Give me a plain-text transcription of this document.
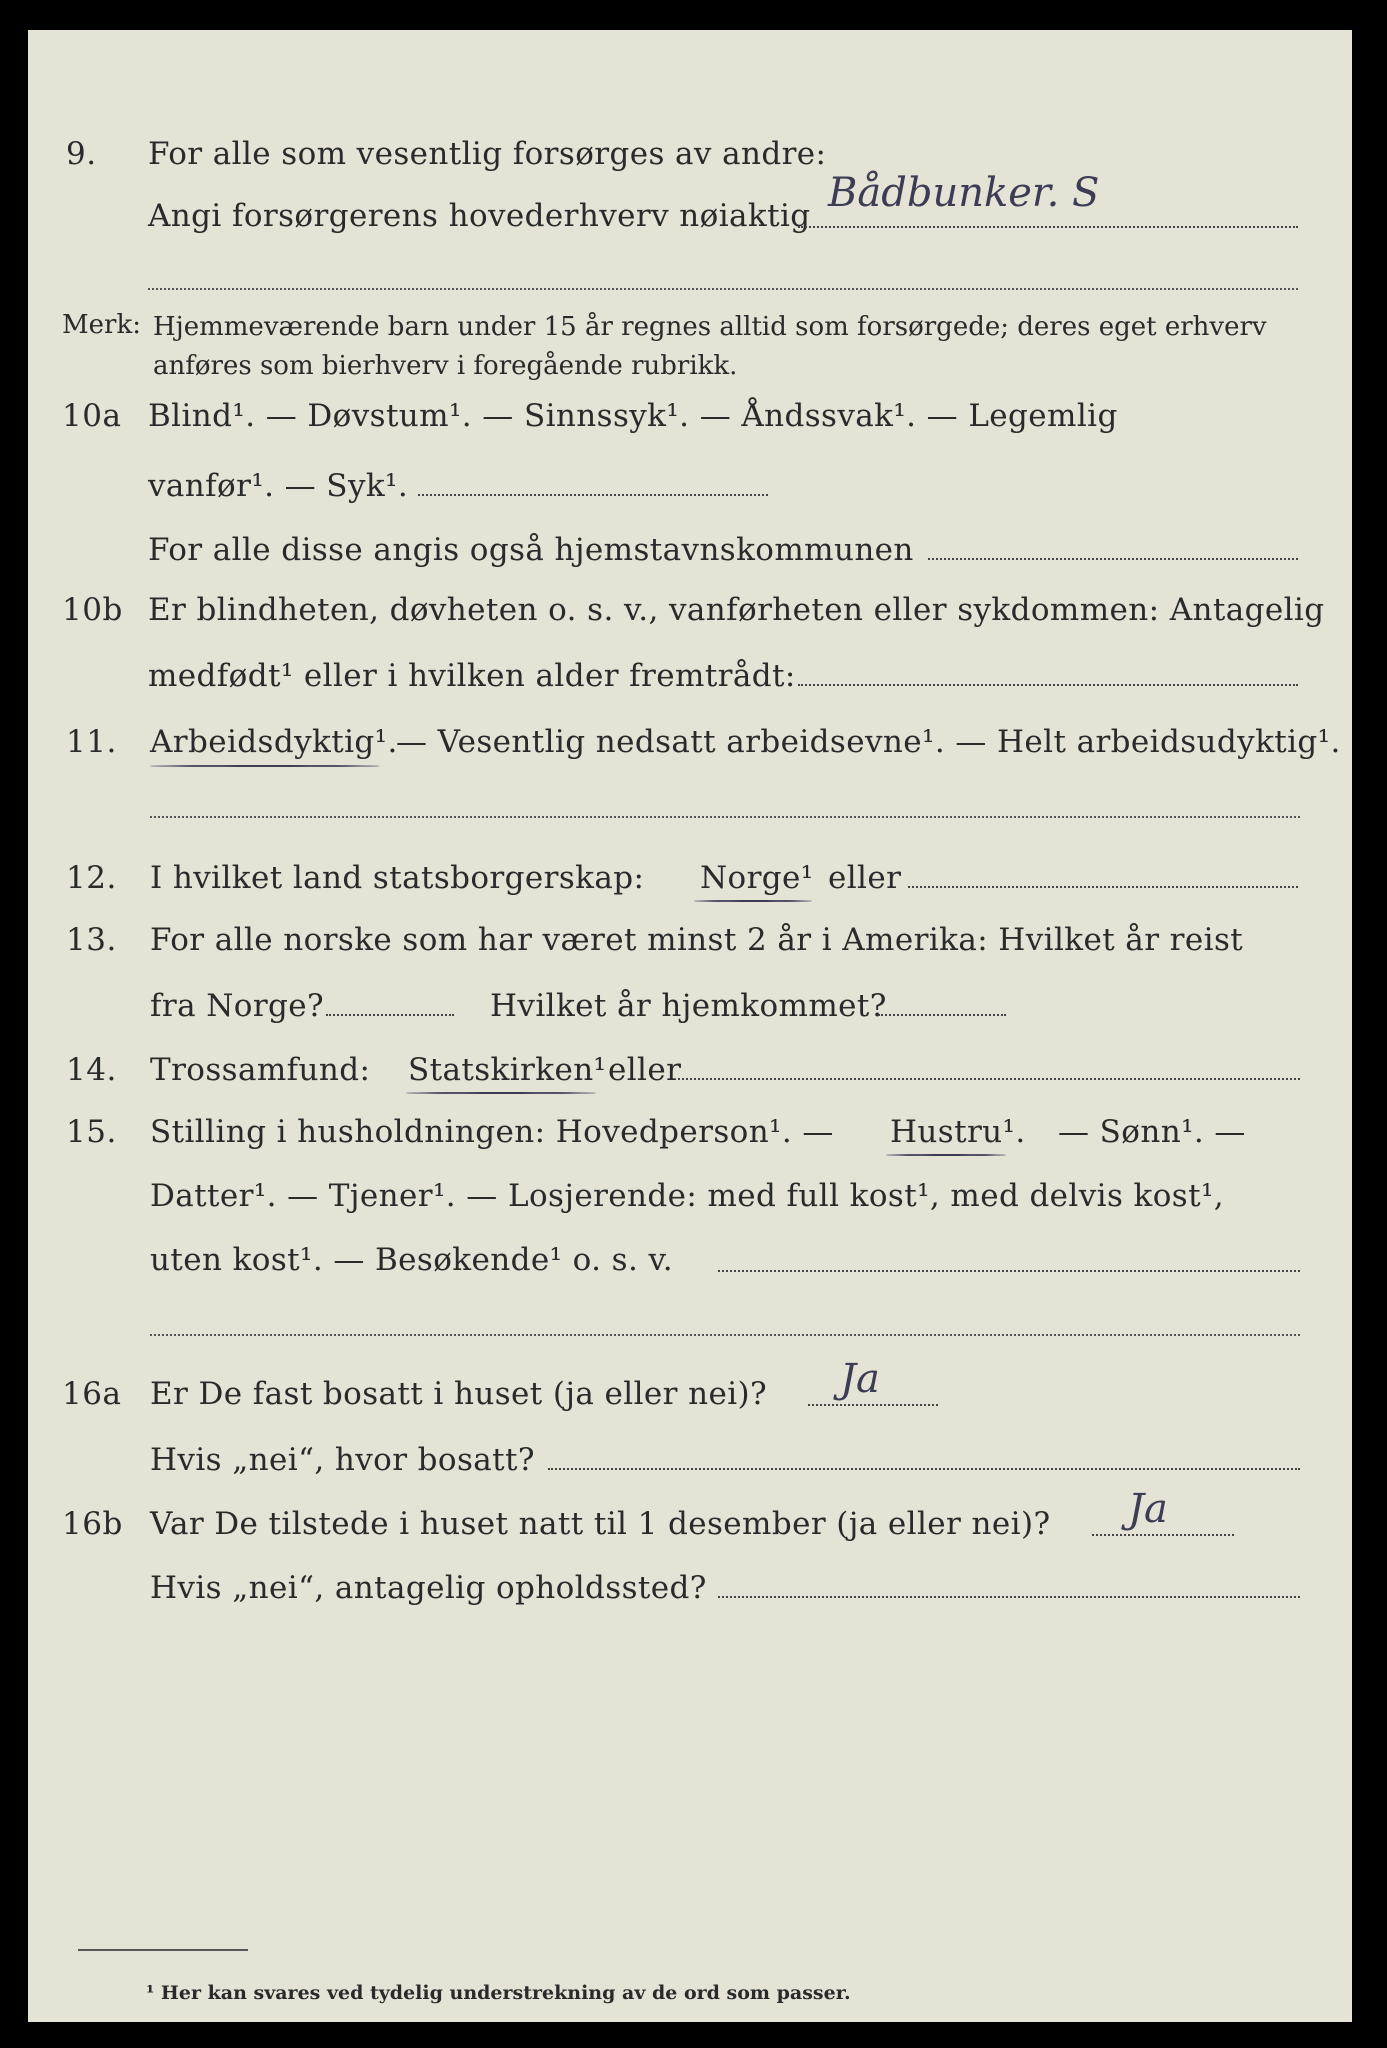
9. For alle som vesentlig forsørges av andre:
Angi forsørgerens hovederhverv nøiaktig Bådbunker. S
Merk: Hjemmeværende barn under 15 år regnes alltid som forsørgede; deres eget erhverv anføres som bierhverv i foregående rubrikk.
10a Blind¹. — Døvstum¹. — Sinnssyk¹. — Åndssvak¹. — Legemlig
vanfør¹. — Syk¹.
For alle disse angis også hjemstavnskommunen
10b Er blindheten, døvheten o. s. v., vanførheten eller sykdommen: Antagelig
medfødt¹ eller i hvilken alder fremtrådt:
11. Arbeidsdyktig¹.
— Vesentlig nedsatt arbeidsevne¹. — Helt arbeidsudyktig¹.
12. I hvilket land statsborgerskap: Norge¹ eller
13. For alle norske som har været minst 2 år i Amerika: Hvilket år reist
fra Norge?	Hvilket år hjemkommet?
14. Trossamfund: Statskirken¹ eller
15. Stilling i husholdningen: Hovedperson¹. — Hustru¹. — Sønn¹. —
Datter¹. — Tjener¹. — Losjerende: med full kost¹, med delvis kost¹,
uten kost¹. — Besøkende¹ o. s. v.
16a Er De fast bosatt i huset (ja eller nei)? Ja
Hvis „nei“, hvor bosatt?
16b Var De tilstede i huset natt til 1 desember (ja eller nei)? Ja
Hvis „nei“, antagelig opholdssted?
¹ Her kan svares ved tydelig understrekning av de ord som passer.
